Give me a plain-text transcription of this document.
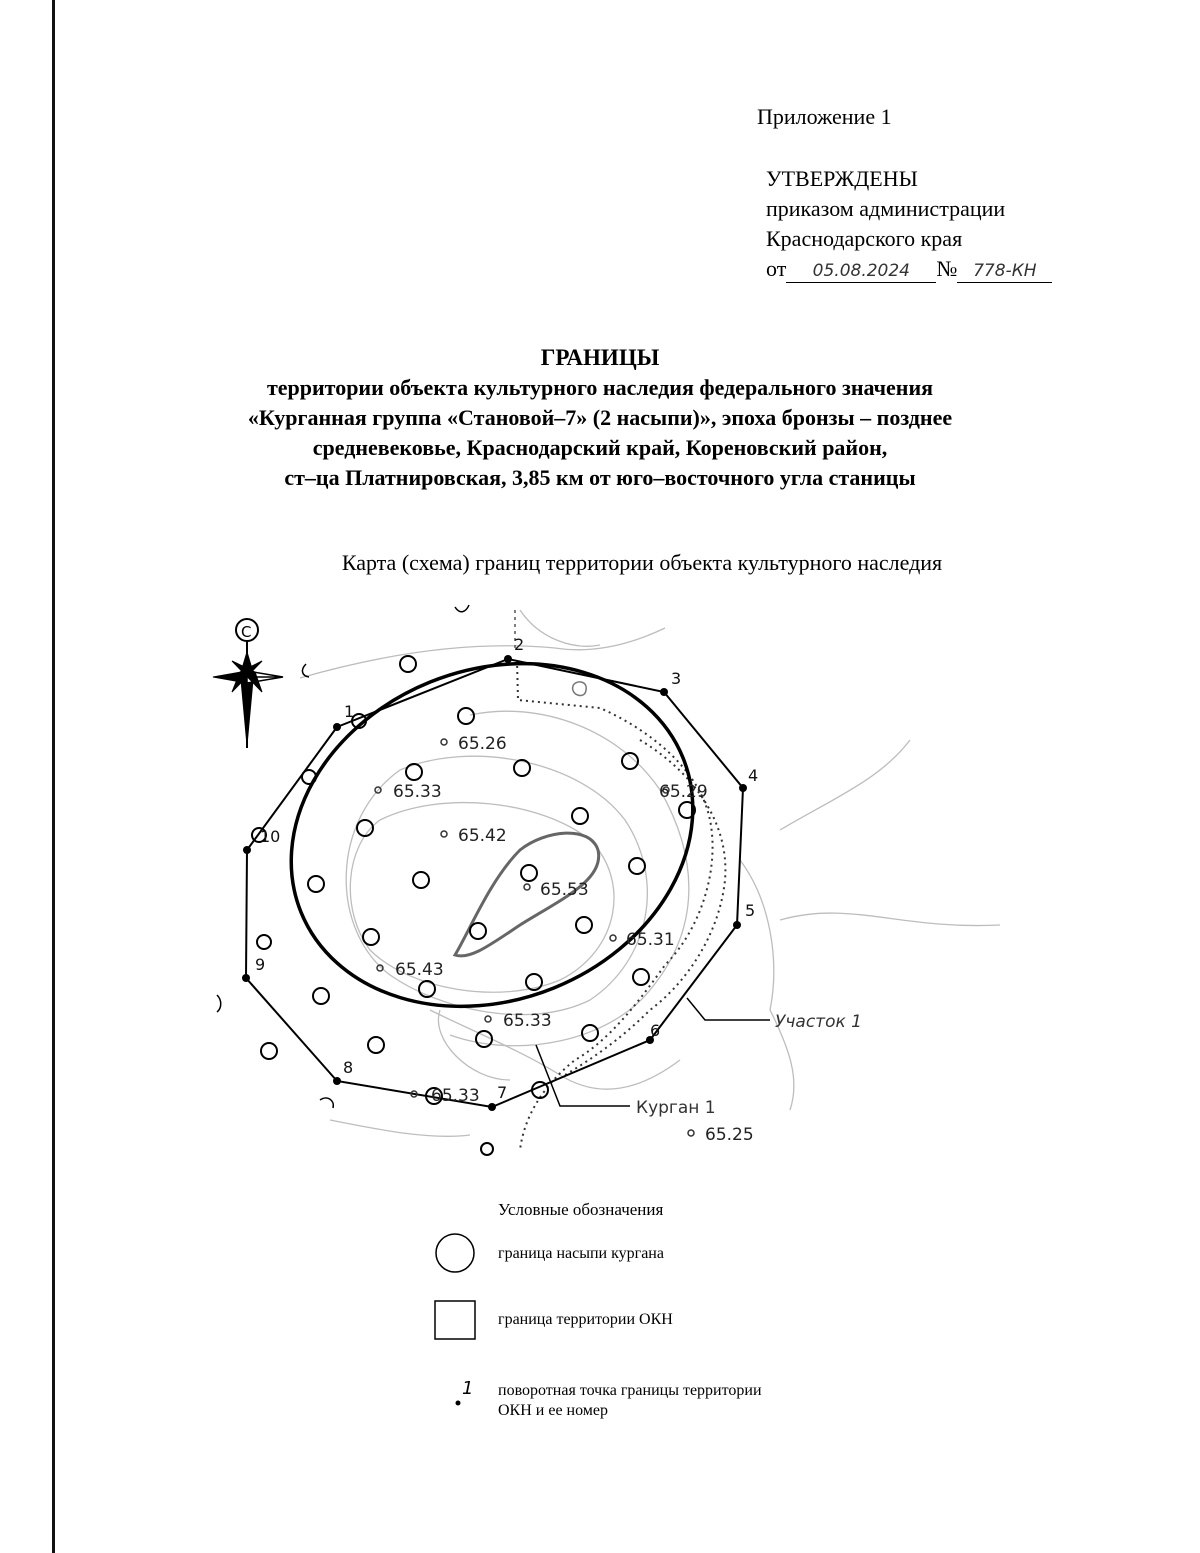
Приложение 1
УТВЕРЖДЕНЫ
приказом администрации
Краснодарского края
от 05.08.2024 № 778-КН
ГРАНИЦЫ
территории объекта культурного наследия федерального значения
«Курганная группа «Становой–7» (2 насыпи)», эпоха бронзы – позднее
средневековье, Краснодарский край, Кореновский район,
ст–ца Платнировская, 3,85 км от юго–восточного угла станицы
Карта (схема) границ территории объекта культурного наследия
С
1
2
3
4
5
6
7
8
9
10
65.26
65.33	65.29
65.42
65.53
65.31
65.43
65.33
65.33
65.25
Участок 1
Курган 1
1
Условные обозначения
граница насыпи кургана
граница территории ОКН
поворотная точка границы территории
ОКН и ее номер
